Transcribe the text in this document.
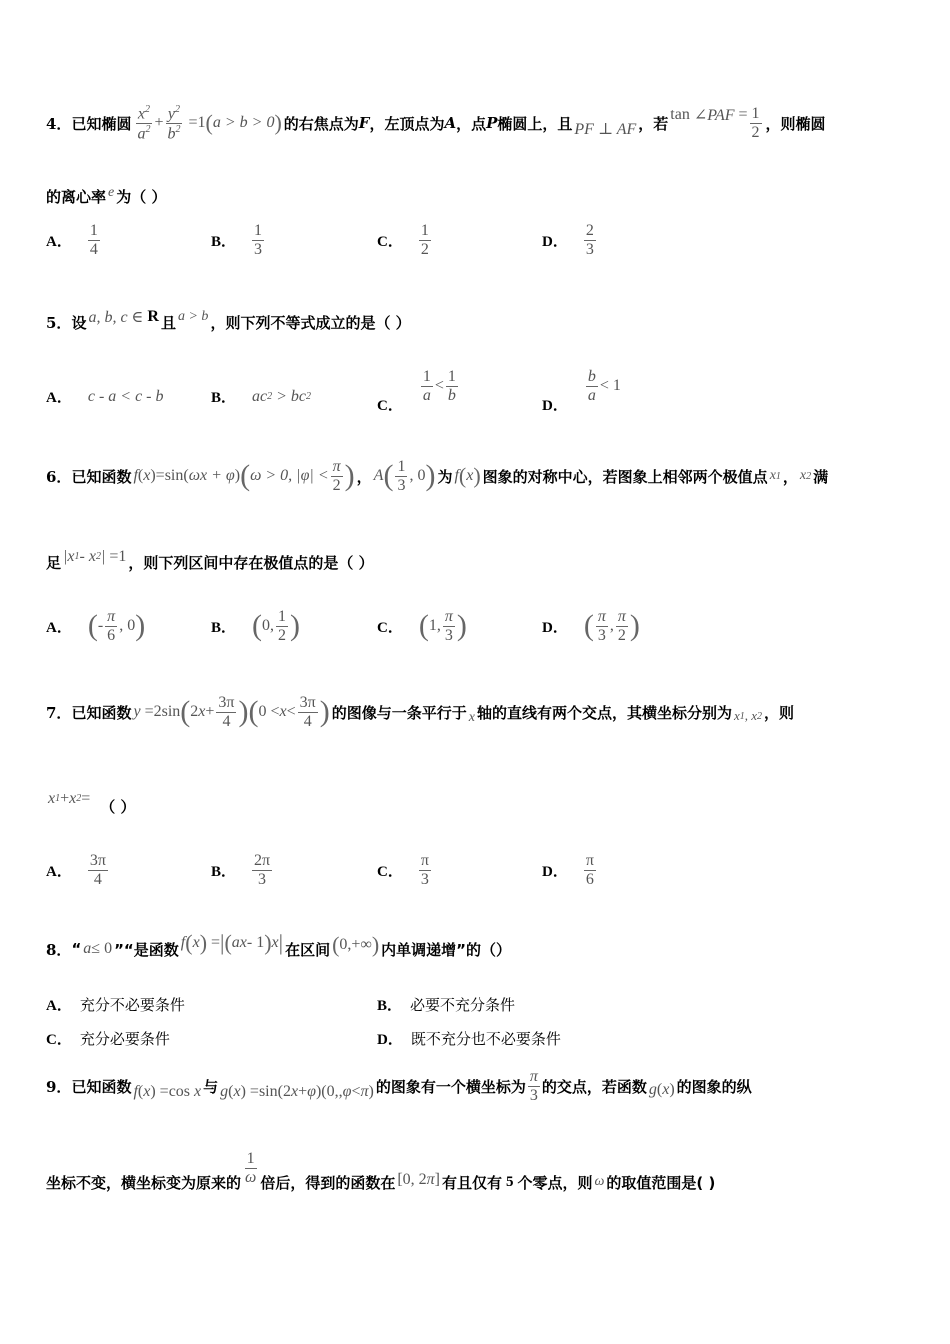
4． 已知椭圆 $\frac{x^2}{a^2} + \frac{y^2}{b^2} =1$ ( a > b > 0 ) 的右焦点为 F ，左顶点为 A ，点 P 椭圆上，且 PF ⊥ AF ，若 tan
∠PAF = $\frac{1}{2}$ ，则椭圆
的离心率 e 为（ ）
A． $\frac{1}{4}$	B． $\frac{1}{3}$	C． $\frac{1}{2}$	D． $\frac{2}{3}$
5． 设 a, b, c ∈ R 且 a > b ，则下列不等式成立的是（ ）
A． c - a < c - b	B． ac 2 > bc 2
C．
$\frac{1}{a} < \frac{1}{b}$
D．
$\frac{b}{a} < 1$
6． 已知函数 f ( x ) =sin ( ωx + φ ) ( ω > 0, $|\varphi| < \frac{\pi}{2}$ ) ， A ( $\frac{1}{3}$ , 0 ) 为 f ( x ) 图象的对称中心，若图象上相邻两个极值点 x 1 ， x 2 满
足 |x 1 - x 2 | =1 ，则下列区间中存在极值点的是（ ）
A． ( - $\frac{\pi}{6}$ , 0 )	B． ( 0, $\frac{1}{2}$ )	C． ( 1, $\frac{\pi}{3}$ )	D． ( $\frac{\pi}{3}$ , $\frac{\pi}{2}$ )
7． 已知函数 y =2sin ( 2 $x + \frac{3\pi}{4}$ ) ( $0 < x < \frac{3\pi}{4}$ ) 的图像与一条平行于 x 轴的直线有两个交点，其横坐标分别为 x 1 , x 2 ，则
x 1 + x 2 = （ ）
A． $\frac{3\pi}{4}$	B． $\frac{2\pi}{3}$	C． $\frac{\pi}{3}$	D． $\frac{\pi}{6}$
8． “ a ≤ 0 ”“是函数 f ( x ) = | ( ax - 1 ) x | 在区间 ( 0,+∞ ) 内单调递增”的（）
A． 充分不必要条件	B． 必要不充分条件
C． 充分必要条件	D． 既不充分也不必要条件
9． 已知函数 f ( x ) =cos x 与 g ( x ) =sin(2 x + φ )(0,, φ < π ) 的图象有一个横坐标为 $\frac{\pi}{3}$ 的交点，若函数 g ( x ) 的图象的纵
坐标不变，横坐标变为原来的 $\frac{1}{\omega}$ 倍后，得到的函数在 [0, 2 π ] 有且仅有 5 个零点，则 ω 的取值范围是( )
